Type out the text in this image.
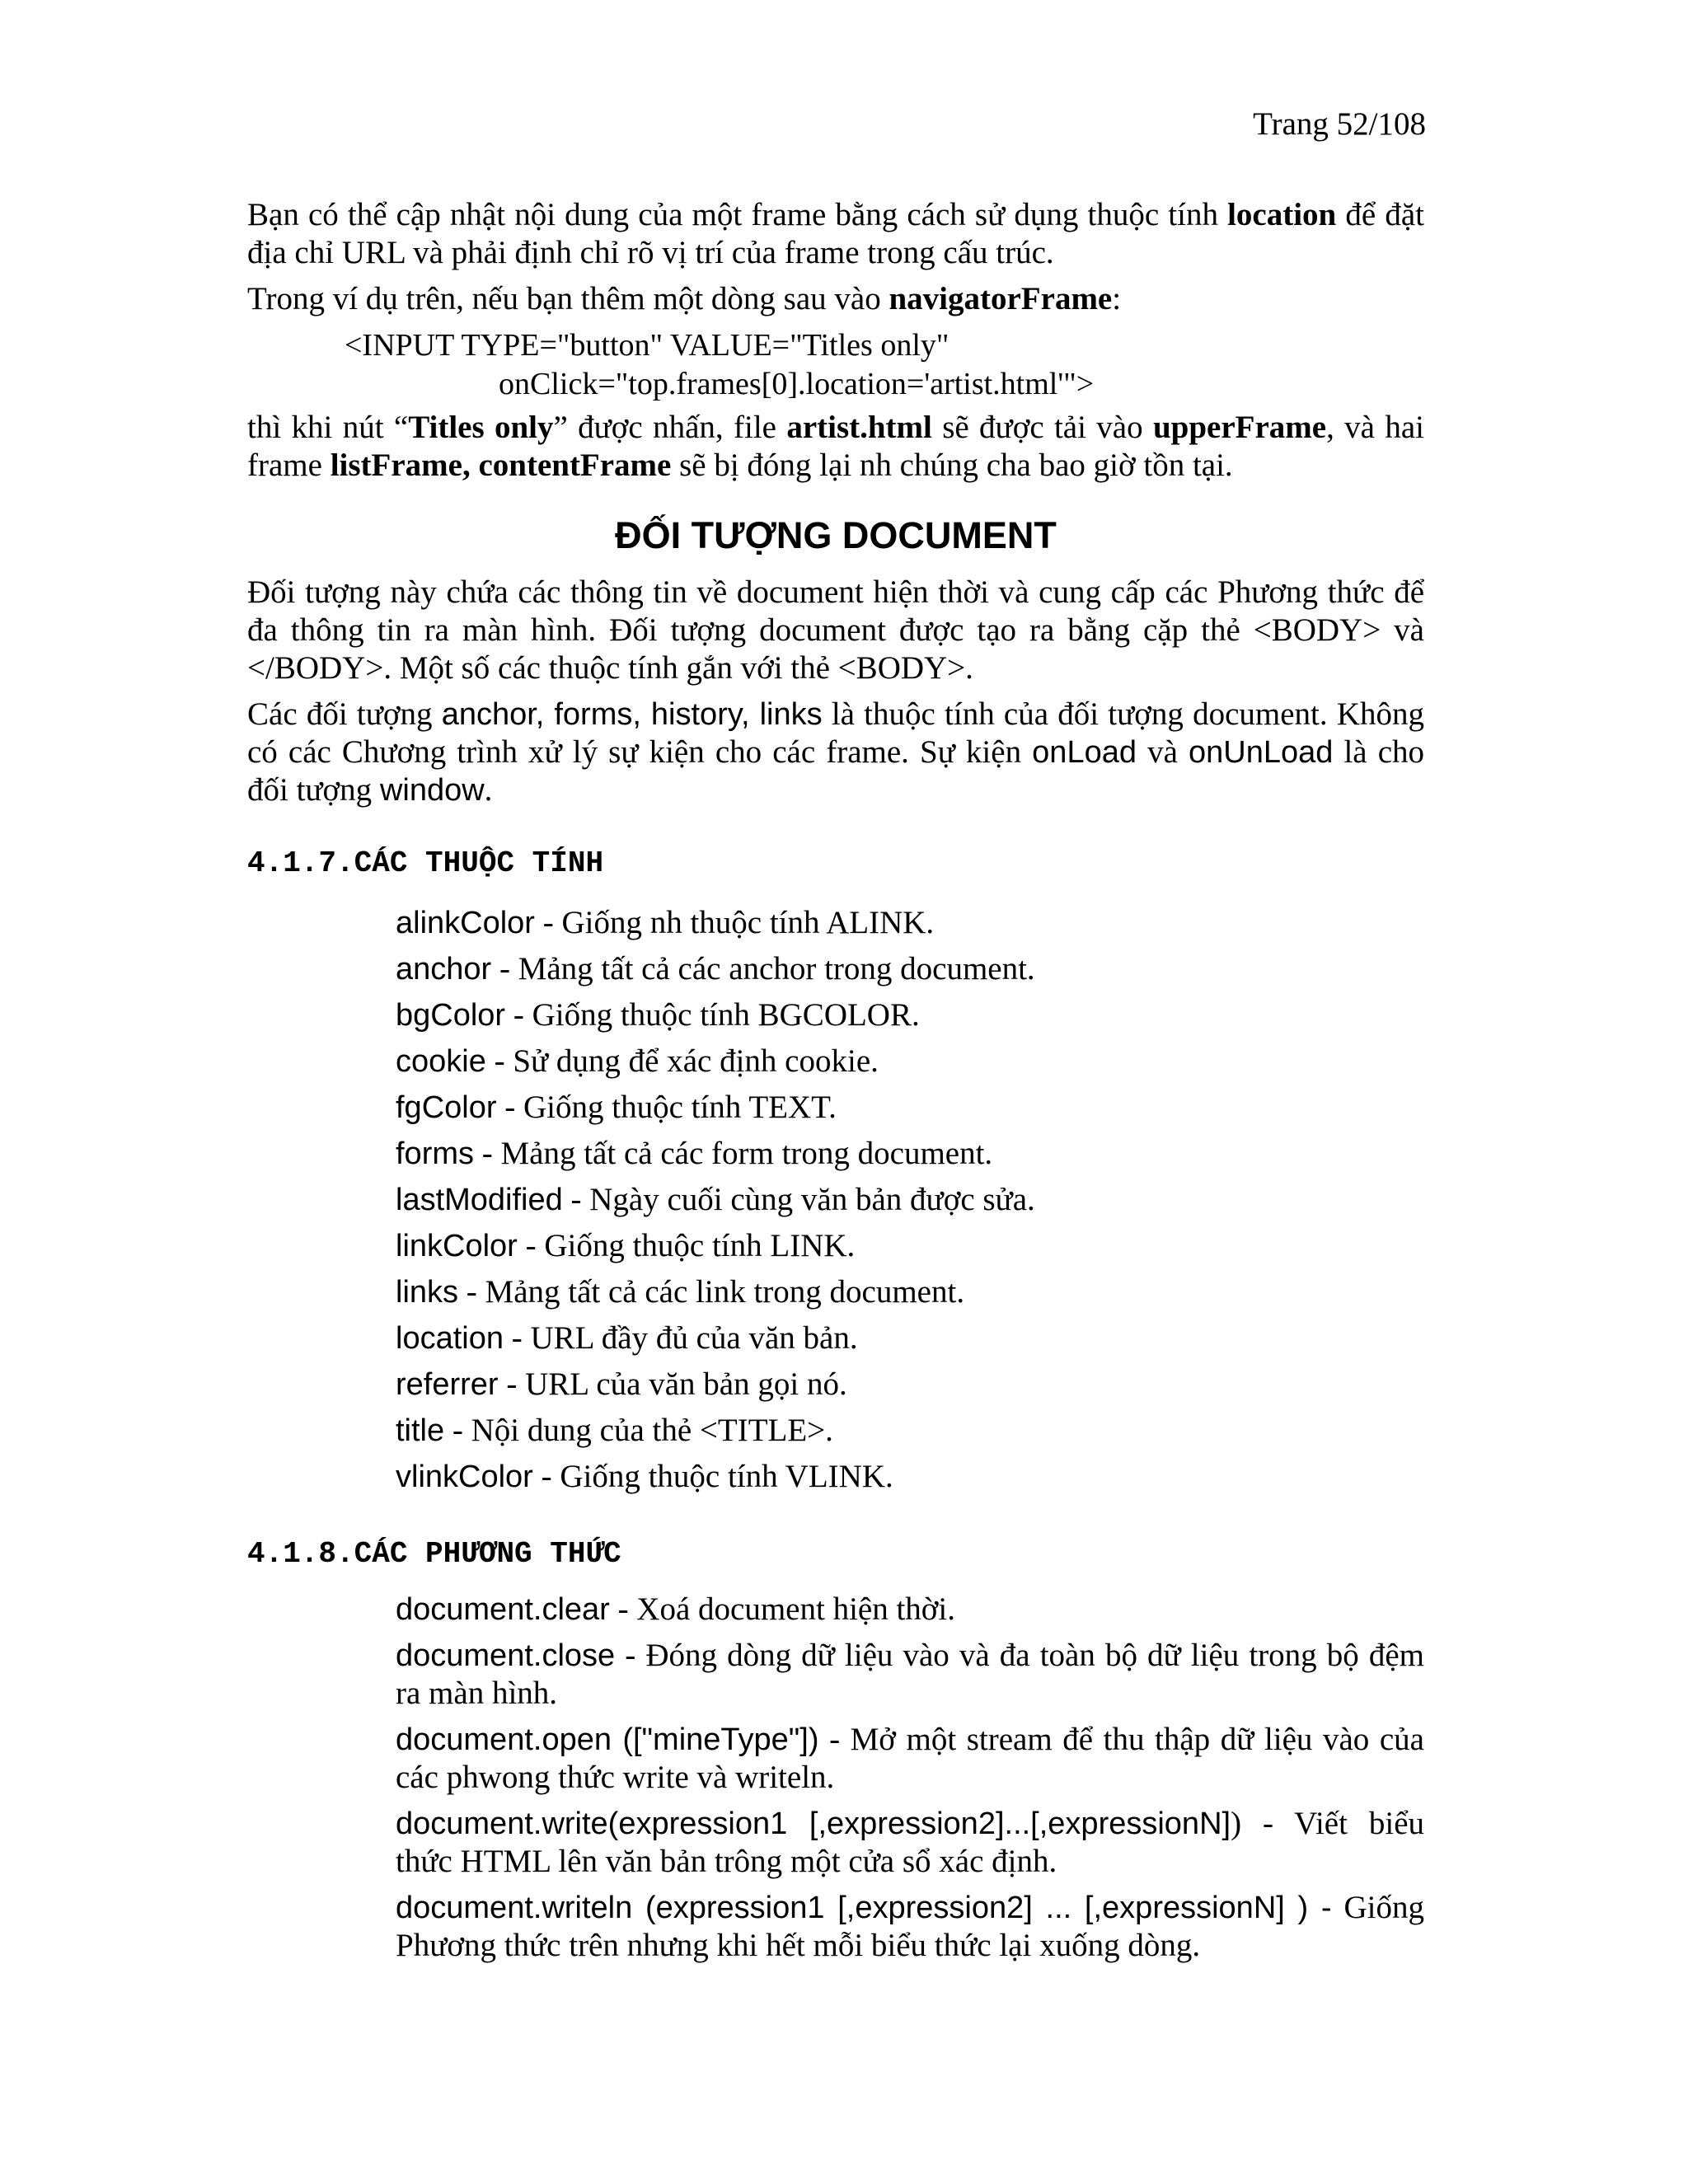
Trang 52/108

Bạn có thể cập nhật nội dung của một frame bằng cách sử dụng thuộc tính location để đặt địa chỉ URL và phải định chỉ rõ vị trí của frame trong cấu trúc.

Trong ví dụ trên, nếu bạn thêm một dòng sau vào navigatorFrame:

<INPUT TYPE="button" VALUE="Titles only"
onClick="top.frames[0].location='artist.html'">

thì khi nút “Titles only” được nhấn, file artist.html sẽ được tải vào upperFrame, và hai frame listFrame, contentFrame sẽ bị đóng lại nh chúng cha bao giờ tồn tại.

ĐỐI TƯỢNG DOCUMENT

Đối tượng này chứa các thông tin về document hiện thời và cung cấp các Phương thức để đa thông tin ra màn hình. Đối tượng document được tạo ra bằng cặp thẻ <BODY> và </BODY>. Một số các thuộc tính gắn với thẻ <BODY>.

Các đối tượng anchor, forms, history, links là thuộc tính của đối tượng document. Không có các Chương trình xử lý sự kiện cho các frame. Sự kiện onLoad và onUnLoad là cho đối tượng window.

4.1.7.CÁC THUỘC TÍNH
alinkColor - Giống nh thuộc tính ALINK.
anchor - Mảng tất cả các anchor trong document.
bgColor - Giống thuộc tính BGCOLOR.
cookie - Sử dụng để xác định cookie.
fgColor - Giống thuộc tính TEXT.
forms - Mảng tất cả các form trong document.
lastModified - Ngày cuối cùng văn bản được sửa.
linkColor - Giống thuộc tính LINK.
links - Mảng tất cả các link trong document.
location - URL đầy đủ của văn bản.
referrer - URL của văn bản gọi nó.
title - Nội dung của thẻ <TITLE>.
vlinkColor - Giống thuộc tính VLINK.
4.1.8.CÁC PHƯƠNG THỨC
document.clear - Xoá document hiện thời.
document.close - Đóng dòng dữ liệu vào và đa toàn bộ dữ liệu trong bộ đệm ra màn hình.
document.open (["mineType"]) - Mở một stream để thu thập dữ liệu vào của các phwong thức write và writeln.
document.write(expression1 [,expression2]...[,expressionN]) - Viết biểu thức HTML lên văn bản trông một cửa sổ xác định.
document.writeln (expression1 [,expression2] ... [,expressionN] ) - Giống Phương thức trên nhưng khi hết mỗi biểu thức lại xuống dòng.
